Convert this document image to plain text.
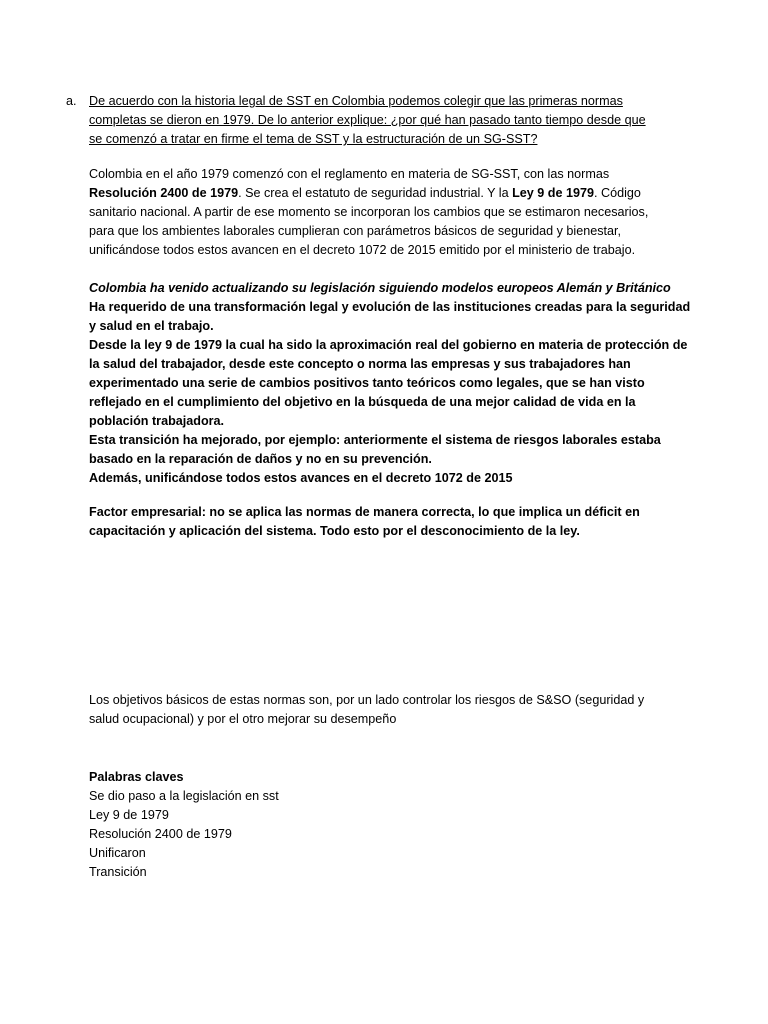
a. De acuerdo con la historia legal de SST en Colombia podemos colegir que las primeras normas
completas se dieron en 1979. De lo anterior explique: ¿por qué han pasado tanto tiempo desde que
se comenzó a tratar en firme el tema de SST y la estructuración de un SG-SST?
Colombia en el año 1979 comenzó con el reglamento en materia de SG-SST, con las normas
Resolución 2400 de 1979. Se crea el estatuto de seguridad industrial. Y la Ley 9 de 1979. Código
sanitario nacional. A partir de ese momento se incorporan los cambios que se estimaron necesarios,
para que los ambientes laborales cumplieran con parámetros básicos de seguridad y bienestar,
unificándose todos estos avancen en el decreto 1072 de 2015 emitido por el ministerio de trabajo.
Colombia ha venido actualizando su legislación siguiendo modelos europeos Alemán y Británico
Ha requerido de una transformación legal y evolución de las instituciones creadas para la seguridad
y salud en el trabajo.
Desde la ley 9 de 1979 la cual ha sido la aproximación real del gobierno en materia de protección de
la salud del trabajador, desde este concepto o norma las empresas y sus trabajadores han
experimentado una serie de cambios positivos tanto teóricos como legales, que se han visto
reflejado en el cumplimiento del objetivo en la búsqueda de una mejor calidad de vida en la
población trabajadora.
Esta transición ha mejorado, por ejemplo: anteriormente el sistema de riesgos laborales estaba
basado en la reparación de daños y no en su prevención.
Además, unificándose todos estos avances en el decreto 1072 de 2015
Factor empresarial: no se aplica las normas de manera correcta, lo que implica un déficit en
capacitación y aplicación del sistema. Todo esto por el desconocimiento de la ley.
Los objetivos básicos de estas normas son, por un lado controlar los riesgos de S&SO (seguridad y
salud ocupacional) y por el otro mejorar su desempeño
Palabras claves
Se dio paso a la legislación en sst
Ley 9 de 1979
Resolución 2400 de 1979
Unificaron
Transición
